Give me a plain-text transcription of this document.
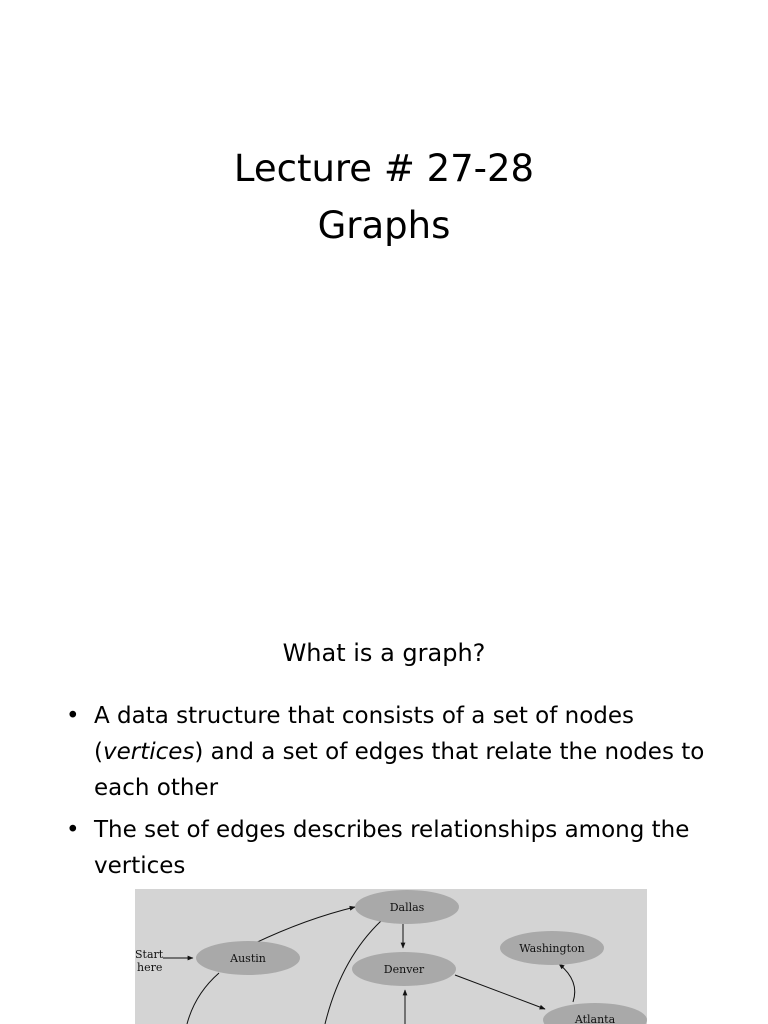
Lecture # 27-28
Graphs
What is a graph?
• A data structure that consists of a set of nodes (vertices) and a set of edges that relate the nodes to each other
• The set of edges describes relationships among the vertices
Start
here
Dallas
Austin
Denver
Washington
Atlanta
